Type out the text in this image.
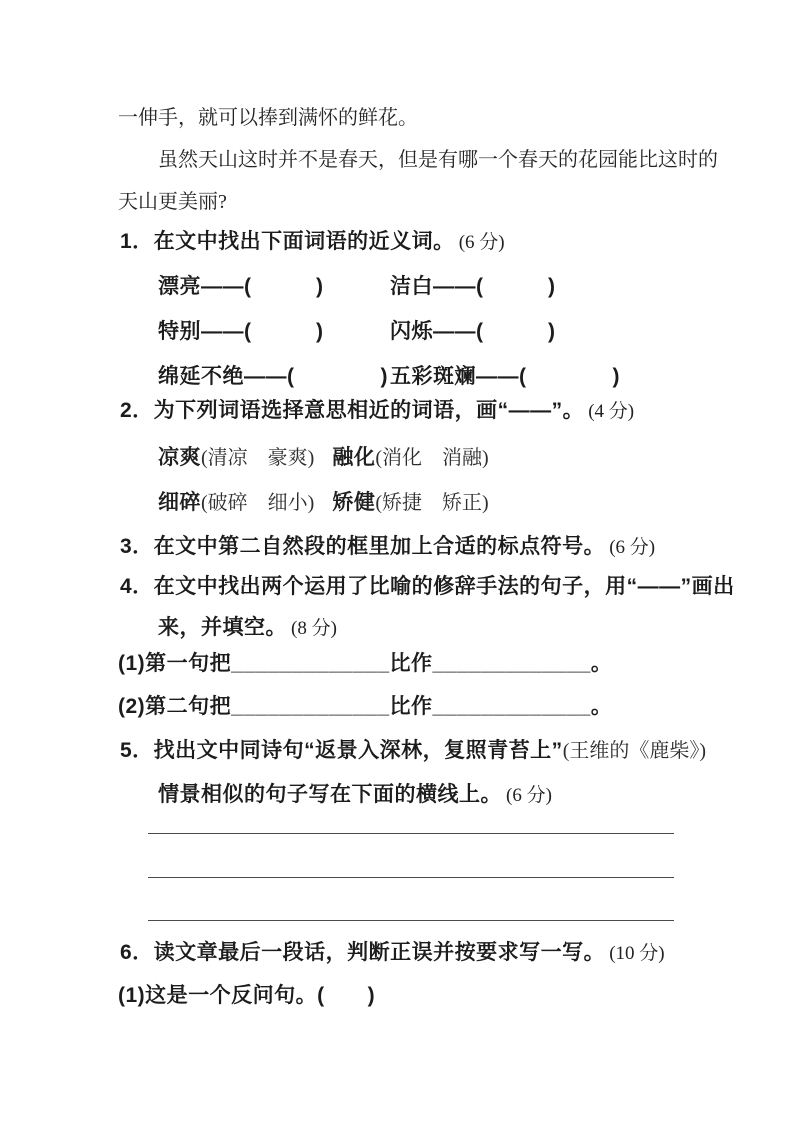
一伸手，就可以捧到满怀的鲜花。
虽然天山这时并不是春天，但是有哪一个春天的花园能比这时的
天山更美丽?
1．在文中找出下面词语的近义词。 (6 分)
漂亮——(　　　)	洁白——(　　　)
特别——(　　　)	闪烁——(　　　)
绵延不绝——(　　　　) 五彩斑斓——(　　　　)
2．为下列词语选择意思相近的词语，画“——”。 (4 分)
凉爽(清凉　豪爽) 融化(消化　消融)
细碎(破碎　细小) 矫健(矫捷　矫正)
3．在文中第二自然段的框里加上合适的标点符号。 (6 分)
4．在文中找出两个运用了比喻的修辞手法的句子，用“——”画出
来，并填空。 (8 分)
(1)第一句把_____________比作_____________。
(2)第二句把_____________比作_____________。
5．找出文中同诗句“返景入深林，复照青苔上”(王维的《鹿柴》)
情景相似的句子写在下面的横线上。 (6 分)
6．读文章最后一段话，判断正误并按要求写一写。 (10 分)
(1)这是一个反问句。(　　)
